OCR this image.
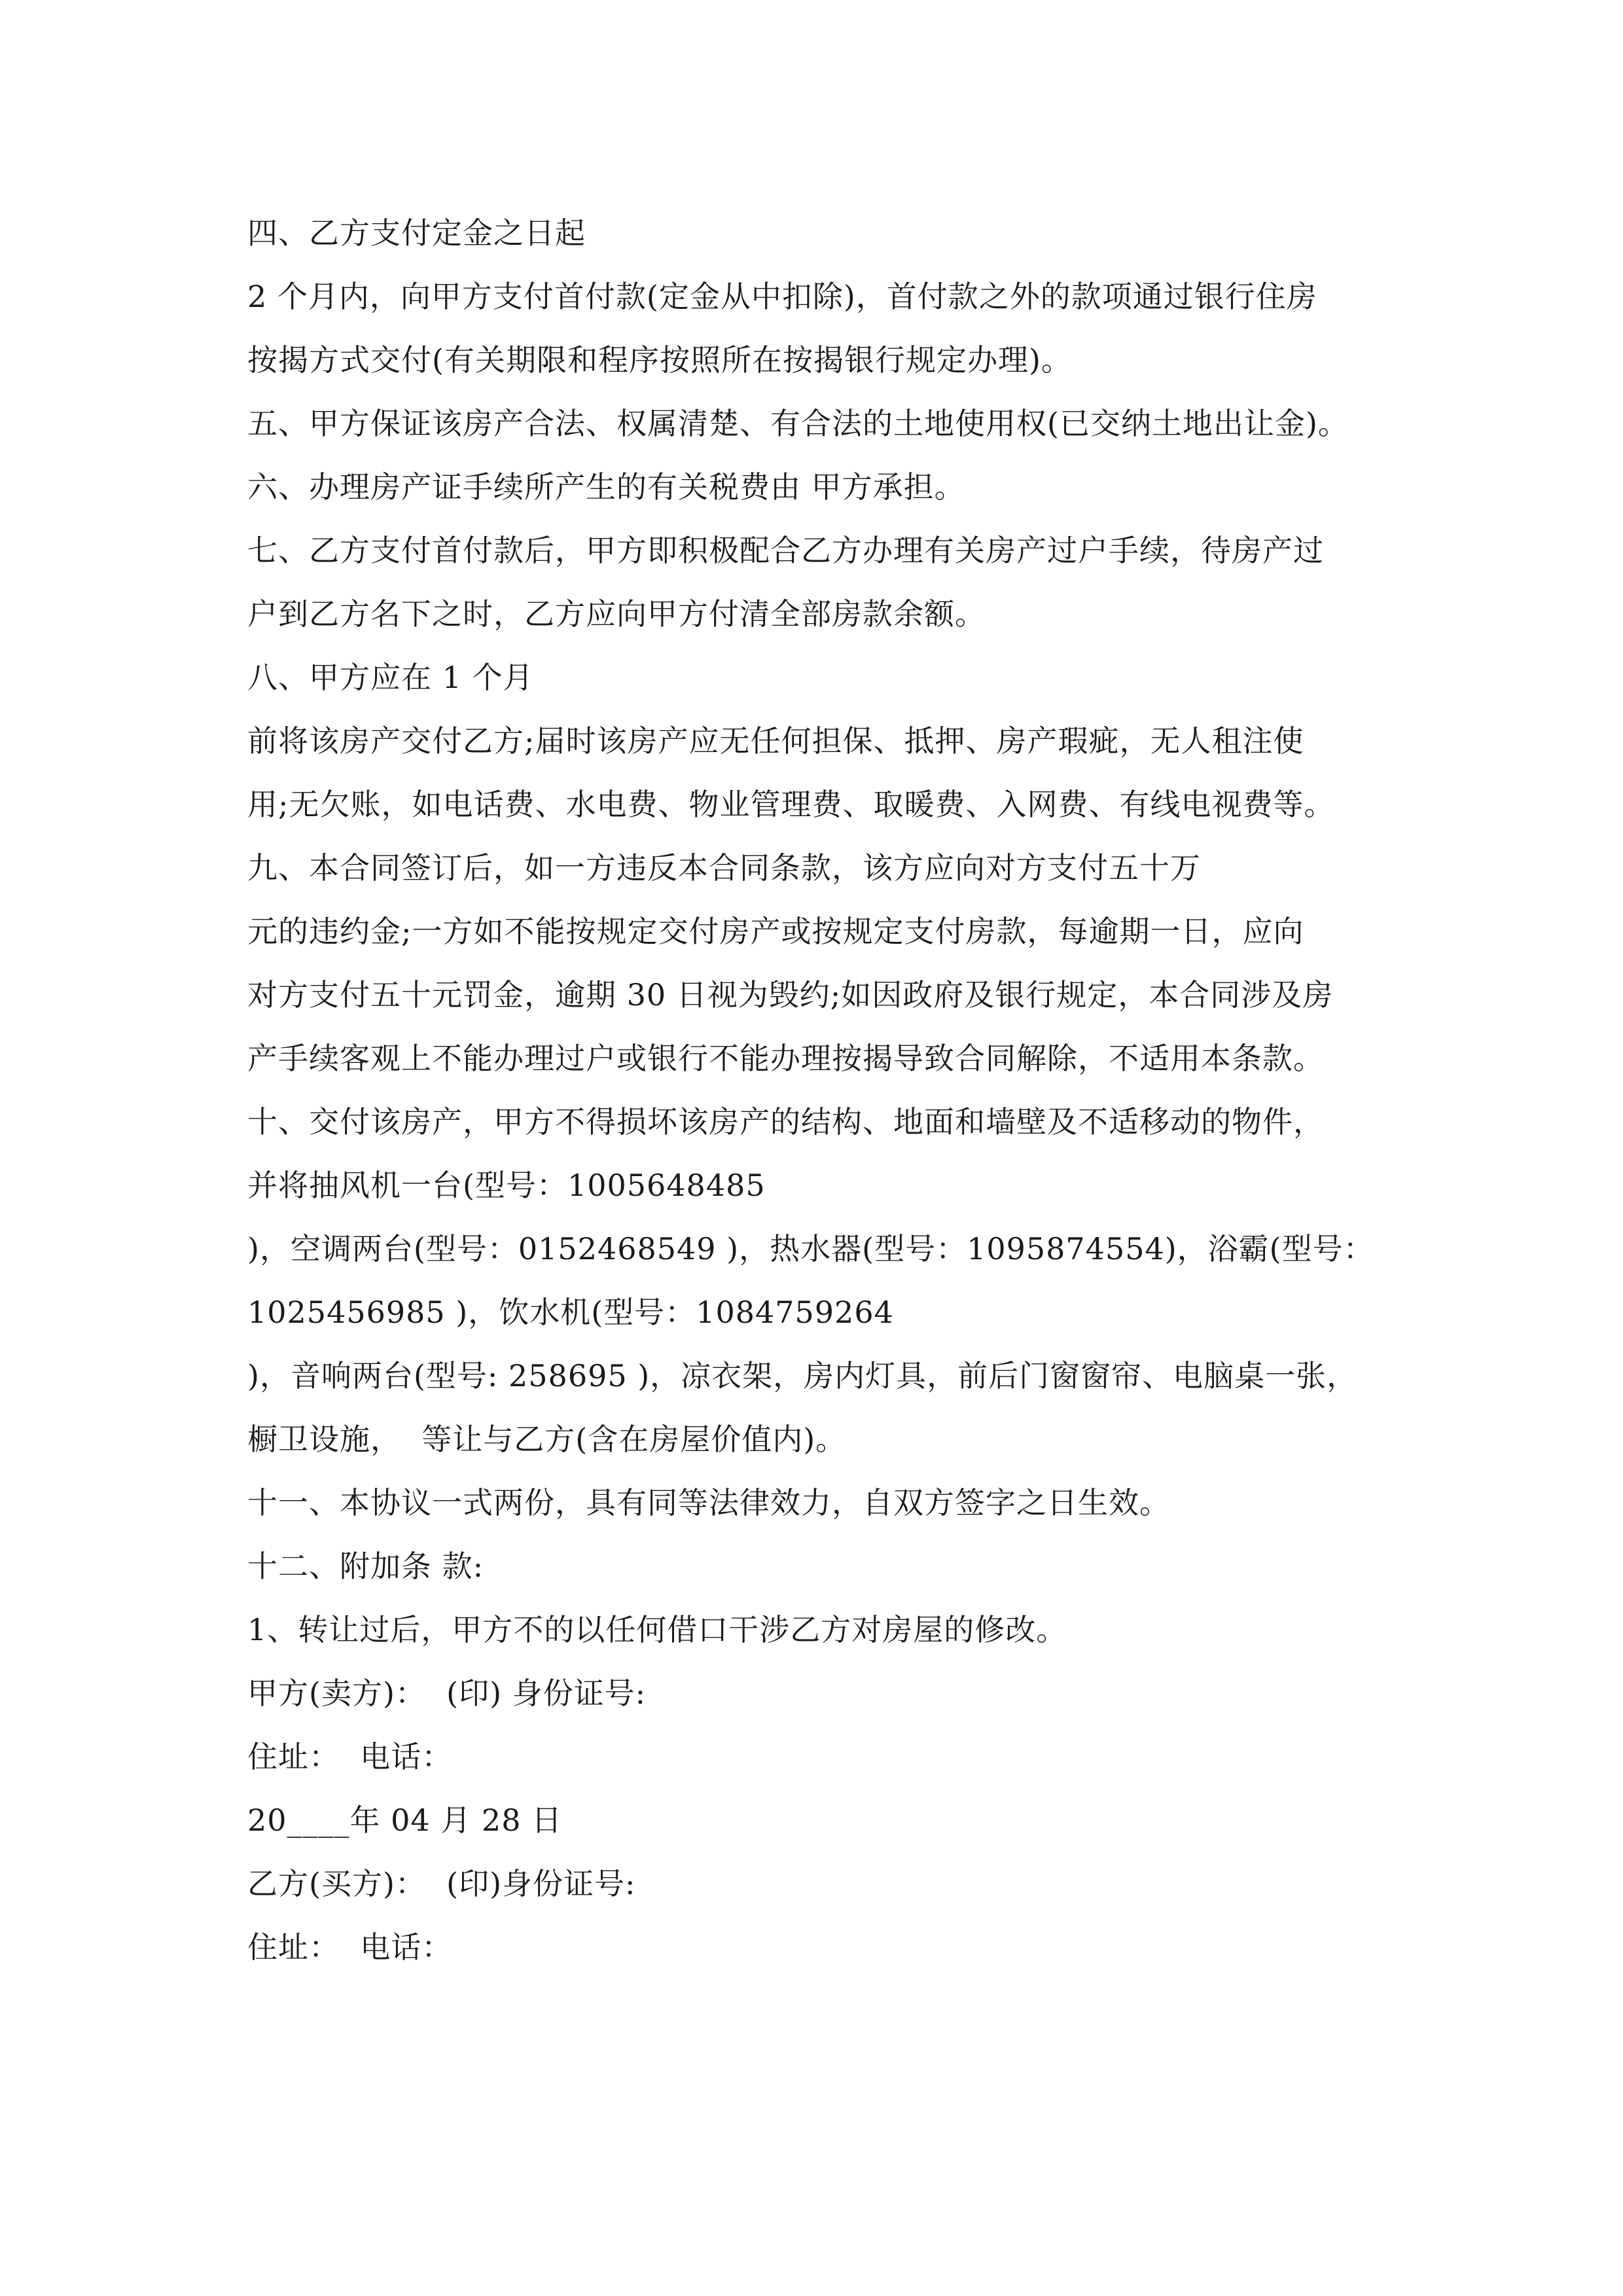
四、乙方支付定金之日起
2 个月内，向甲方支付首付款(定金从中扣除)，首付款之外的款项通过银行住房
按揭方式交付(有关期限和程序按照所在按揭银行规定办理)。
五、甲方保证该房产合法、权属清楚、有合法的土地使用权(已交纳土地出让金)。
六、办理房产证手续所产生的有关税费由 甲方承担。
七、乙方支付首付款后，甲方即积极配合乙方办理有关房产过户手续，待房产过
户到乙方名下之时，乙方应向甲方付清全部房款余额。
八、甲方应在 1 个月
前将该房产交付乙方;届时该房产应无任何担保、抵押、房产瑕疵，无人租注使
用;无欠账，如电话费、水电费、物业管理费、取暖费、入网费、有线电视费等。
九、本合同签订后，如一方违反本合同条款，该方应向对方支付五十万
元的违约金;一方如不能按规定交付房产或按规定支付房款，每逾期一日，应向
对方支付五十元罚金，逾期 30 日视为毁约;如因政府及银行规定，本合同涉及房
产手续客观上不能办理过户或银行不能办理按揭导致合同解除，不适用本条款。
十、交付该房产，甲方不得损坏该房产的结构、地面和墙壁及不适移动的物件，
并将抽风机一台(型号：1005648485
)，空调两台(型号：0152468549 )，热水器(型号：1095874554)，浴霸(型号：
1025456985 )，饮水机(型号：1084759264
)，音响两台(型号: 258695 )，凉衣架，房内灯具，前后门窗窗帘、电脑桌一张，
橱卫设施，  等让与乙方(含在房屋价值内)。
十一、本协议一式两份，具有同等法律效力，自双方签字之日生效。
十二、附加条 款:
1、转让过后，甲方不的以任何借口干涉乙方对房屋的修改。
甲方(卖方)：  (印) 身份证号:
住址：  电话：
20____年 04 月 28 日
乙方(买方)：  (印)身份证号:
住址：  电话：
